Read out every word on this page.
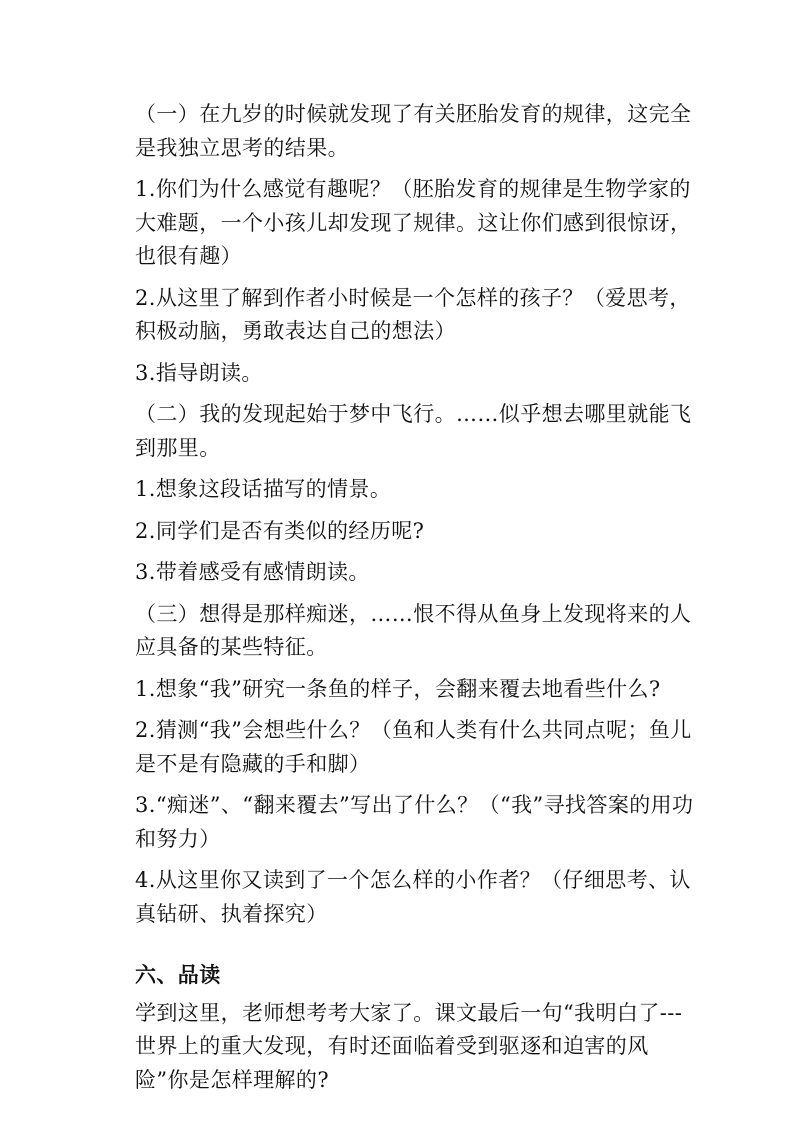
（一）在九岁的时候就发现了有关胚胎发育的规律，这完全是我独立思考的结果。

1.你们为什么感觉有趣呢？（胚胎发育的规律是生物学家的大难题，一个小孩儿却发现了规律。这让你们感到很惊讶，也很有趣）

2.从这里了解到作者小时候是一个怎样的孩子？（爱思考，积极动脑，勇敢表达自己的想法）

3.指导朗读。

（二）我的发现起始于梦中飞行。……似乎想去哪里就能飞到那里。

1.想象这段话描写的情景。

2.同学们是否有类似的经历呢?

3.带着感受有感情朗读。

（三）想得是那样痴迷，……恨不得从鱼身上发现将来的人应具备的某些特征。

1.想象“我”研究一条鱼的样子，会翻来覆去地看些什么?

2.猜测“我”会想些什么？（鱼和人类有什么共同点呢；鱼儿是不是有隐藏的手和脚）

3.“痴迷”、“翻来覆去”写出了什么？（“我”寻找答案的用功和努力）

4.从这里你又读到了一个怎么样的小作者？（仔细思考、认真钻研、执着探究）

六、品读

学到这里，老师想考考大家了。课文最后一句“我明白了---世界上的重大发现，有时还面临着受到驱逐和迫害的风险”你是怎样理解的?
